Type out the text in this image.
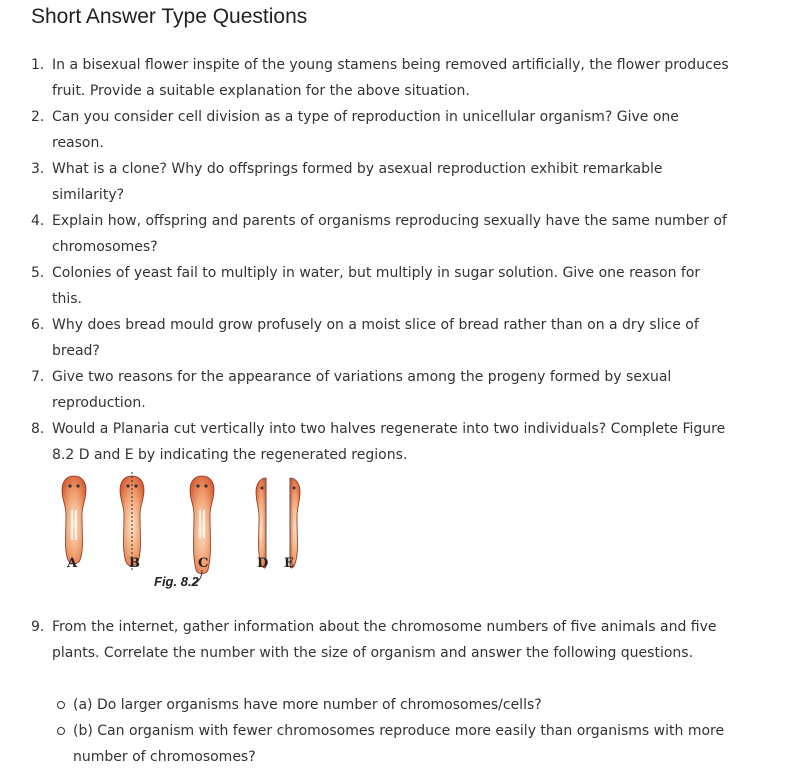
Short Answer Type Questions
1. In a bisexual flower inspite of the young stamens being removed artificially, the flower produces fruit. Provide a suitable explanation for the above situation.
2. Can you consider cell division as a type of reproduction in unicellular organism? Give one reason.
3. What is a clone? Why do offsprings formed by asexual reproduction exhibit remarkable similarity?
4. Explain how, offspring and parents of organisms reproducing sexually have the same number of chromosomes?
5. Colonies of yeast fail to multiply in water, but multiply in sugar solution. Give one reason for this.
6. Why does bread mould grow profusely on a moist slice of bread rather than on a dry slice of bread?
7. Give two reasons for the appearance of variations among the progeny formed by sexual reproduction.
8. Would a Planaria cut vertically into two halves regenerate into two individuals? Complete Figure 8.2 D and E by indicating the regenerated regions.
A	B	C	D E
Fig. 8.2
9. From the internet, gather information about the chromosome numbers of five animals and five plants. Correlate the number with the size of organism and answer the following questions.
(a) Do larger organisms have more number of chromosomes/cells?
(b) Can organism with fewer chromosomes reproduce more easily than organisms with more number of chromosomes?
